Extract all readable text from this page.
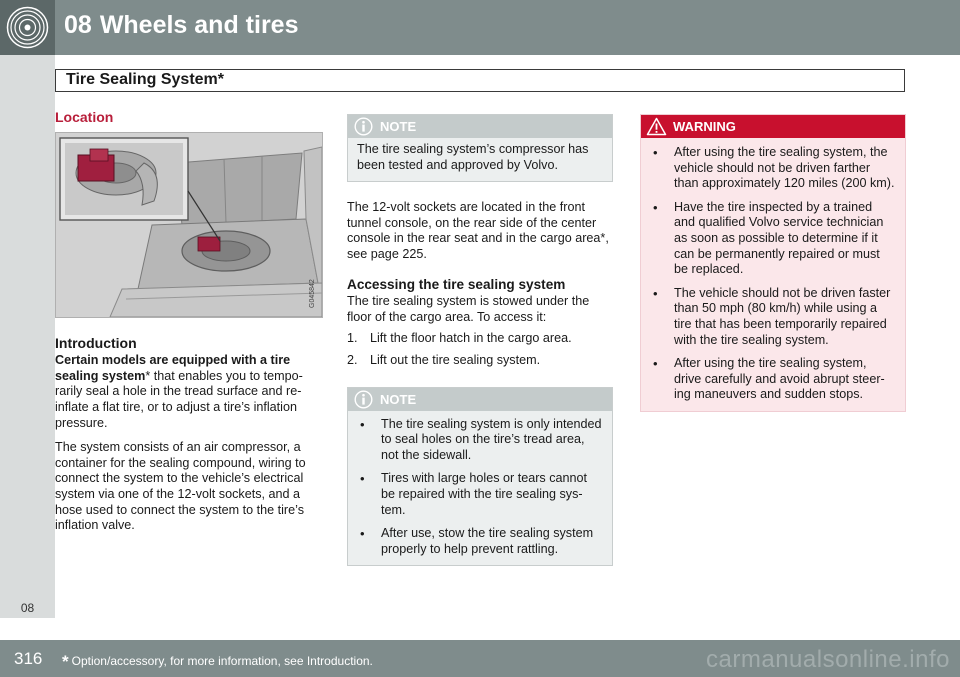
08 Wheels and tires
Tire Sealing System*
08
Location
G045842
Introduction

Certain models are equipped with a tire sealing system* that enables you to tempo-rarily seal a hole in the tread surface and re-inflate a flat tire, or to adjust a tire’s inflation pressure.

The system consists of an air compressor, a container for the sealing compound, wiring to connect the system to the vehicle’s electrical system via one of the 12-volt sockets, and a hose used to connect the system to the tire’s inflation valve.

NOTE
The tire sealing system’s compressor has been tested and approved by Volvo.

The 12-volt sockets are located in the front tunnel console, on the rear side of the center console in the rear seat and in the cargo area*, see page 225.

Accessing the tire sealing system

The tire sealing system is stowed under the floor of the cargo area. To access it:

1. Lift the floor hatch in the cargo area.
2. Lift out the tire sealing system.
NOTE
• The tire sealing system is only intended to seal holes on the tire’s tread area, not the sidewall.
• Tires with large holes or tears cannot be repaired with the tire sealing sys-tem.
• After use, stow the tire sealing system properly to help prevent rattling.
WARNING
• After using the tire sealing system, the vehicle should not be driven farther than approximately 120 miles (200 km).
• Have the tire inspected by a trained and qualified Volvo service technician as soon as possible to determine if it can be permanently repaired or must be replaced.
• The vehicle should not be driven faster than 50 mph (80 km/h) while using a tire that has been temporarily repaired with the tire sealing system.
• After using the tire sealing system, drive carefully and avoid abrupt steer-ing maneuvers and sudden stops.
316 * Option/accessory, for more information, see Introduction.	carmanualsonline.info
